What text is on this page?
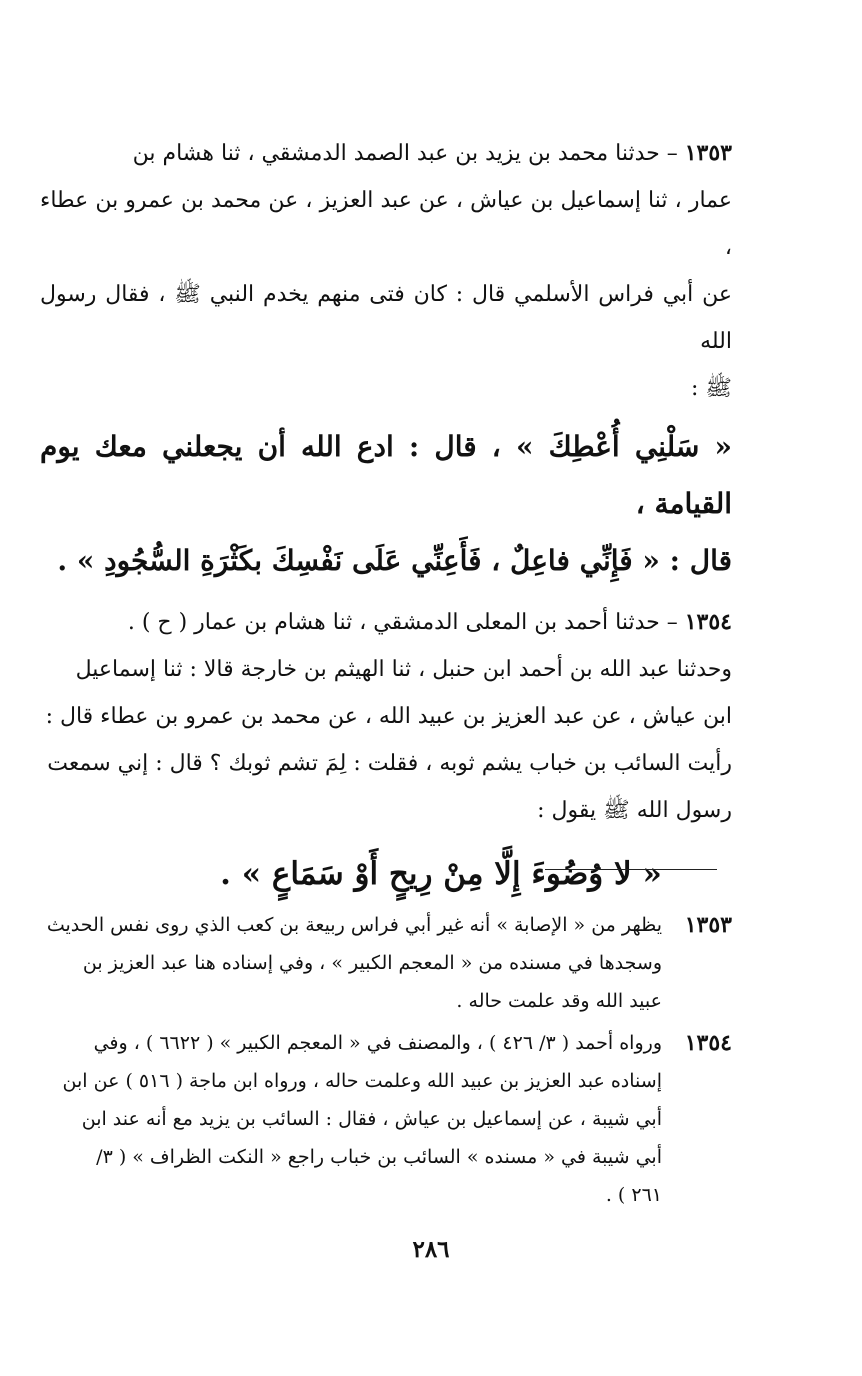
١٣٥٣ – حدثنا محمد بن يزيد بن عبد الصمد الدمشقي ، ثنا هشام بن
عمار ، ثنا إسماعيل بن عياش ، عن عبد العزيز ، عن محمد بن عمرو بن عطاء ،
عن أبي فراس الأسلمي قال : كان فتى منهم يخدم النبي ﷺ ، فقال رسول الله
ﷺ :

« سَلْنِي أُعْطِكَ » ، قال : ادع الله أن يجعلني معك يوم القيامة ،
قال : « فَإِنِّي فاعِلٌ ، فَأَعِنِّي عَلَى نَفْسِكَ بكَثْرَةِ السُّجُودِ » .

١٣٥٤ – حدثنا أحمد بن المعلى الدمشقي ، ثنا هشام بن عمار ( ح ) .
وحدثنا عبد الله بن أحمد ابن حنبل ، ثنا الهيثم بن خارجة قالا : ثنا إسماعيل
ابن عياش ، عن عبد العزيز بن عبيد الله ، عن محمد بن عمرو بن عطاء قال :
رأيت السائب بن خباب يشم ثوبه ، فقلت : لِمَ تشم ثوبك ؟ قال : إني سمعت
رسول الله ﷺ يقول :

« لا وُضُوءَ إِلَّا مِنْ رِيحٍ أَوْ سَمَاعٍ » .
١٣٥٣
يظهر من « الإصابة » أنه غير أبي فراس ربيعة بن كعب الذي روى نفس الحديث
وسجدها في مسنده من « المعجم الكبير » ، وفي إسناده هنا عبد العزيز بن
عبيد الله وقد علمت حاله .
١٣٥٤
ورواه أحمد ( ٣/ ٤٢٦ ) ، والمصنف في « المعجم الكبير » ( ٦٦٢٢ ) ، وفي
إسناده عبد العزيز بن عبيد الله وعلمت حاله ، ورواه ابن ماجة ( ٥١٦ ) عن ابن
أبي شيبة ، عن إسماعيل بن عياش ، فقال : السائب بن يزيد مع أنه عند ابن
أبي شيبة في « مسنده » السائب بن خباب راجع « النكت الظراف » ( ٣/
٢٦١ ) .
٢٨٦
